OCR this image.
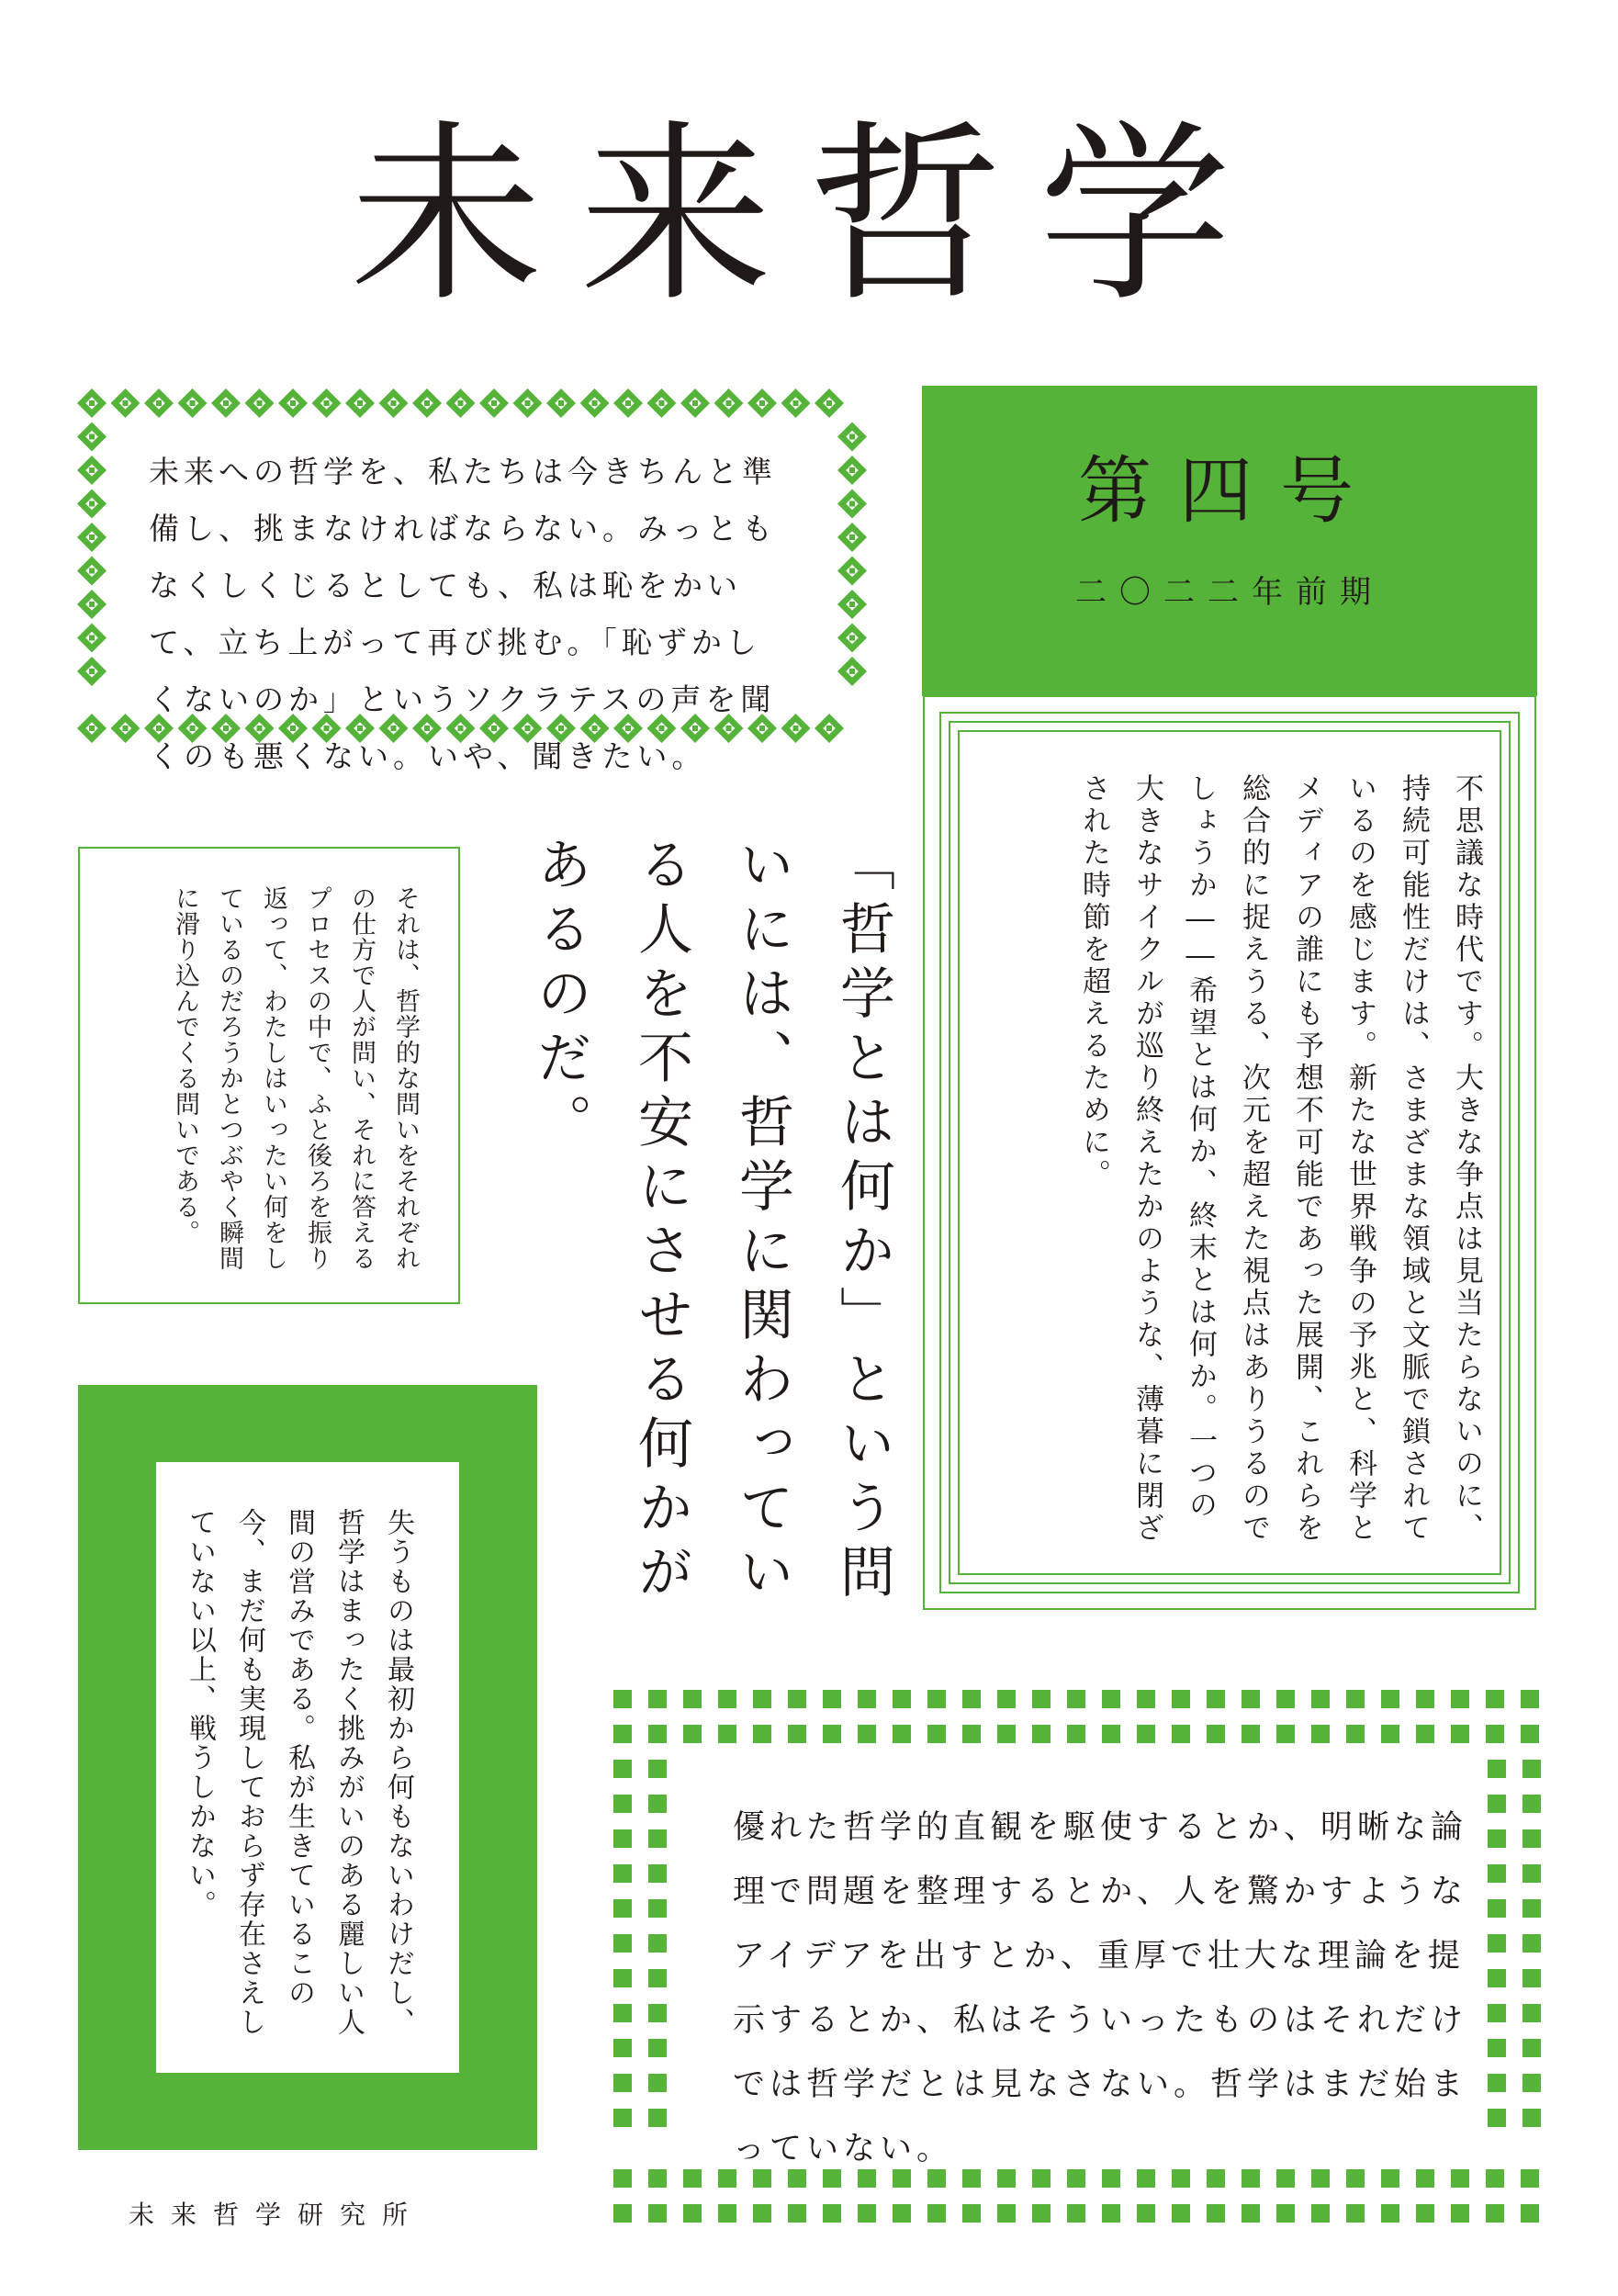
未来哲学
未来への哲学を、私たちは今きちんと準備し、挑まなければならない。みっともなくしくじるとしても、私は恥をかいて、立ち上がって再び挑む。「恥ずかしくないのか」というソクラテスの声を聞くのも悪くない。いや、聞きたい。
第四号
二〇二二年前期
不思議な時代です。大きな争点は見当たらないのに、持続可能性だけは、さまざまな領域と文脈で鎖されているのを感じます。新たな世界戦争の予兆と、科学とメディアの誰にも予想不可能であった展開、これらを総合的に捉えうる、次元を超えた視点はありうるのでしょうか――希望とは何か、終末とは何か。一つの大きなサイクルが巡り終えたかのような、薄暮に閉ざされた時節を超えるために。
「哲学とは何か」という問いには、哲学に関わっている人を不安にさせる何かがあるのだ。
それは、哲学的な問いをそれぞれの仕方で人が問い、それに答えるプロセスの中で、ふと後ろを振り返って、わたしはいったい何をしているのだろうかとつぶやく瞬間に滑り込んでくる問いである。
失うものは最初から何もないわけだし、哲学はまったく挑みがいのある麗しい人間の営みである。私が生きているこの今、まだ何も実現しておらず存在さえしていない以上、戦うしかない。	優れた哲学的直観を駆使するとか、明晰な論理で問題を整理するとか、人を驚かすようなアイデアを出すとか、重厚で壮大な理論を提示するとか、私はそういったものはそれだけでは哲学だとは見なさない。哲学はまだ始まっていない。
未来哲学研究所
